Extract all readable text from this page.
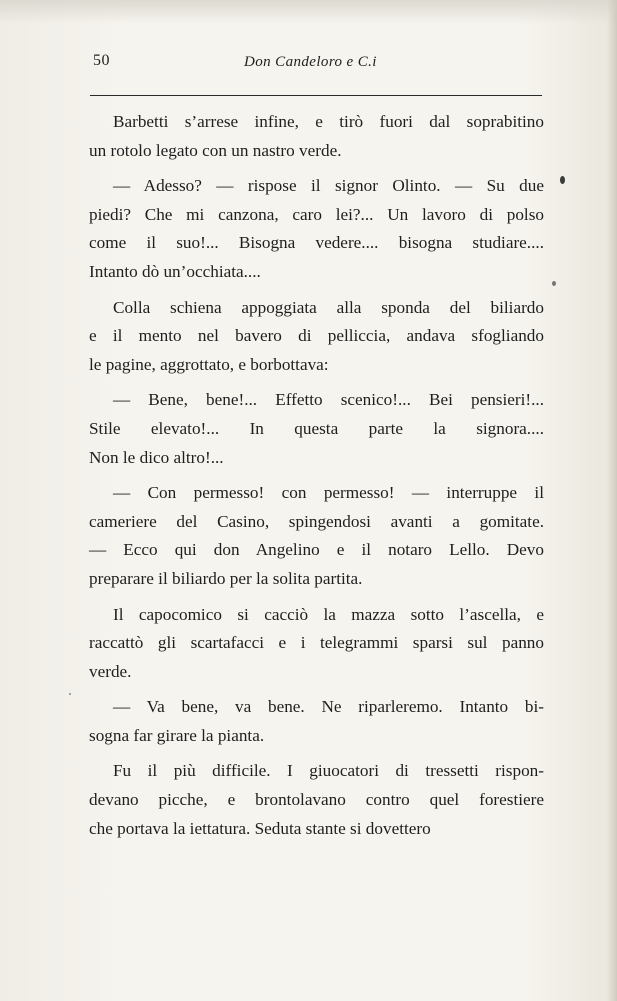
50	Don Candeloro e C.i
Barbetti s’arrese infine, e tirò fuori dal soprabitino
un rotolo legato con un nastro verde.
— Adesso? — rispose il signor Olinto. — Su due
piedi? Che mi canzona, caro lei?... Un lavoro di polso
come il suo!... Bisogna vedere.... bisogna studiare....
Intanto dò un’occhiata....
Colla schiena appoggiata alla sponda del biliardo
e il mento nel bavero di pelliccia, andava sfogliando
le pagine, aggrottato, e borbottava:
— Bene, bene!... Effetto scenico!... Bei pensieri!...
Stile elevato!... In questa parte la signora....
Non le dico altro!...
— Con permesso! con permesso! — interruppe il
cameriere del Casino, spingendosi avanti a gomitate.
— Ecco qui don Angelino e il notaro Lello. Devo
preparare il biliardo per la solita partita.
Il capocomico si cacciò la mazza sotto l’ascella, e
raccattò gli scartafacci e i telegrammi sparsi sul panno
verde.
— Va bene, va bene. Ne riparleremo. Intanto bi-
sogna far girare la pianta.
Fu il più difficile. I giuocatori di tressetti rispon-
devano picche, e brontolavano contro quel forestiere
che portava la iettatura. Seduta stante si dovettero
